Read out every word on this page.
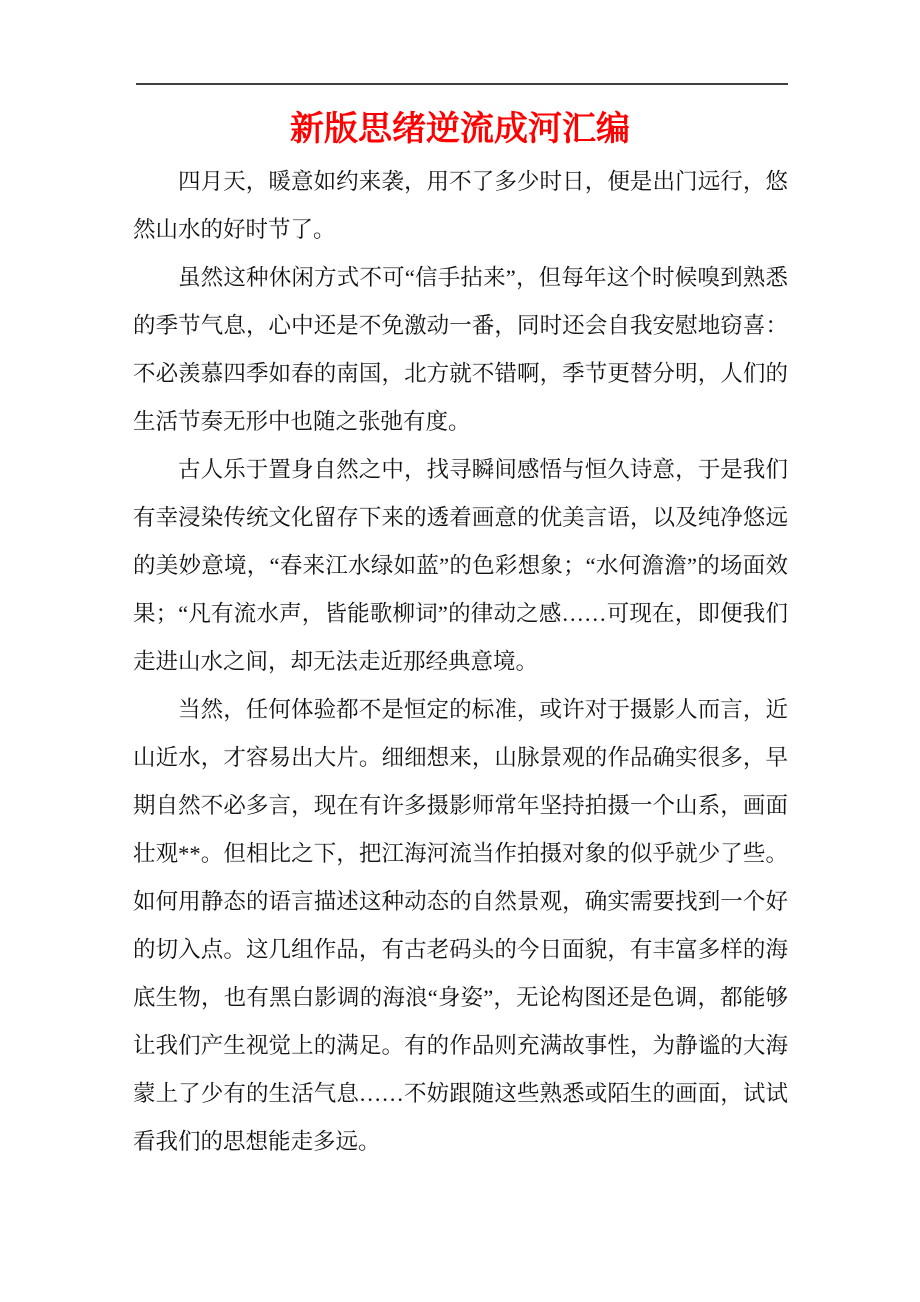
新版思绪逆流成河汇编

四月天，暖意如约来袭，用不了多少时日，便是出门远行，悠然山水的好时节了。

虽然这种休闲方式不可“信手拈来”，但每年这个时候嗅到熟悉的季节气息，心中还是不免激动一番，同时还会自我安慰地窃喜：不必羡慕四季如春的南国，北方就不错啊，季节更替分明，人们的生活节奏无形中也随之张弛有度。

古人乐于置身自然之中，找寻瞬间感悟与恒久诗意，于是我们有幸浸染传统文化留存下来的透着画意的优美言语，以及纯净悠远的美妙意境，“春来江水绿如蓝”的色彩想象；“水何澹澹”的场面效果；“凡有流水声，皆能歌柳词”的律动之感……可现在，即便我们走进山水之间，却无法走近那经典意境。

当然，任何体验都不是恒定的标准，或许对于摄影人而言，近山近水，才容易出大片。细细想来，山脉景观的作品确实很多，早期自然不必多言，现在有许多摄影师常年坚持拍摄一个山系，画面壮观**。但相比之下，把江海河流当作拍摄对象的似乎就少了些。如何用静态的语言描述这种动态的自然景观，确实需要找到一个好的切入点。这几组作品，有古老码头的今日面貌，有丰富多样的海底生物，也有黑白影调的海浪“身姿”，无论构图还是色调，都能够让我们产生视觉上的满足。有的作品则充满故事性，为静谧的大海蒙上了少有的生活气息……不妨跟随这些熟悉或陌生的画面，试试看我们的思想能走多远。
